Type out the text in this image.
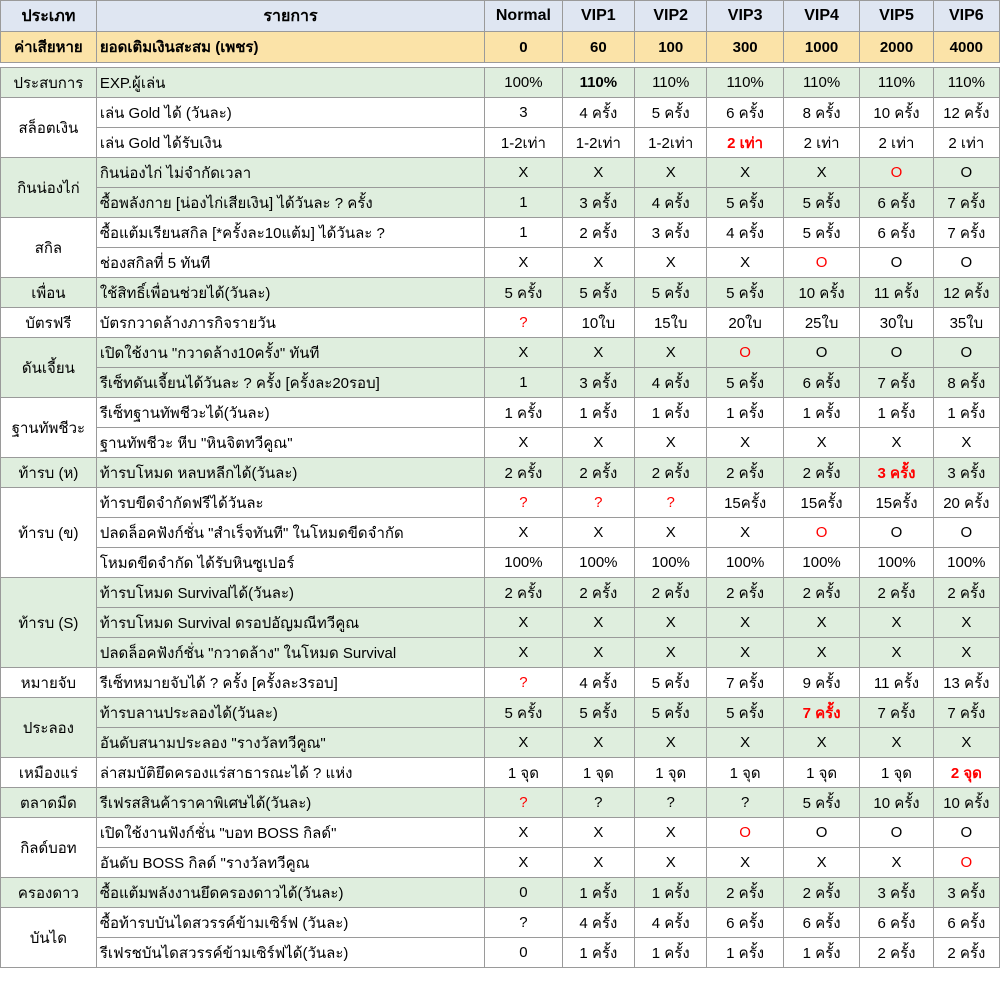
ประเภท	รายการ	Normal	VIP1	VIP2	VIP3	VIP4	VIP5	VIP6
ค่าเสียหาย	ยอดเติมเงินสะสม (เพชร)	0	60	100	300	1000	2000	4000

ประสบการ	EXP.ผู้เล่น	100%	110%	110%	110%	110%	110%	110%
สล็อตเงิน	เล่น Gold ได้ (วันละ)	3	4 ครั้ง	5 ครั้ง	6 ครั้ง	8 ครั้ง	10 ครั้ง	12 ครั้ง
	เล่น Gold ได้รับเงิน	1-2เท่า	1-2เท่า	1-2เท่า	2 เท่า	2 เท่า	2 เท่า	2 เท่า
กินน่องไก่	กินน่องไก่ ไม่จำกัดเวลา	X	X	X	X	X	O	O
	ซื้อพลังกาย [น่องไก่เสียเงิน] ได้วันละ ? ครั้ง	1	3 ครั้ง	4 ครั้ง	5 ครั้ง	5 ครั้ง	6 ครั้ง	7 ครั้ง
สกิล	ซื้อแต้มเรียนสกิล [*ครั้งละ10แต้ม] ได้วันละ ?	1	2 ครั้ง	3 ครั้ง	4 ครั้ง	5 ครั้ง	6 ครั้ง	7 ครั้ง
	ช่องสกิลที่ 5 ทันที	X	X	X	X	O	O	O
เพื่อน	ใช้สิทธิ์เพื่อนช่วยได้(วันละ)	5 ครั้ง	5 ครั้ง	5 ครั้ง	5 ครั้ง	10 ครั้ง	11 ครั้ง	12 ครั้ง
บัตรฟรี	บัตรกวาดล้างภารกิจรายวัน	?	10ใบ	15ใบ	20ใบ	25ใบ	30ใบ	35ใบ
ดันเจี้ยน	เปิดใช้งาน "กวาดล้าง10ครั้ง" ทันที	X	X	X	O	O	O	O
	รีเซ็ทดันเจี้ยนได้วันละ ? ครั้ง [ครั้งละ20รอบ]	1	3 ครั้ง	4 ครั้ง	5 ครั้ง	6 ครั้ง	7 ครั้ง	8 ครั้ง
ฐานทัพชีวะ	รีเซ็ทฐานทัพชีวะได้(วันละ)	1 ครั้ง	1 ครั้ง	1 ครั้ง	1 ครั้ง	1 ครั้ง	1 ครั้ง	1 ครั้ง
	ฐานทัพชีวะ หีบ "หินจิตทวีคูณ"	X	X	X	X	X	X	X
ท้ารบ (ห)	ท้ารบโหมด หลบหลีกได้(วันละ)	2 ครั้ง	2 ครั้ง	2 ครั้ง	2 ครั้ง	2 ครั้ง	3 ครั้ง	3 ครั้ง
ท้ารบ (ข)	ท้ารบขีดจำกัดฟรีได้วันละ	?	?	?	15ครั้ง	15ครั้ง	15ครั้ง	20 ครั้ง
	ปลดล็อคฟังก์ชั่น "สำเร็จทันที" ในโหมดขีดจำกัด	X	X	X	X	O	O	O
	โหมดขีดจำกัด ได้รับหินซูเปอร์	100%	100%	100%	100%	100%	100%	100%
ท้ารบ (S)	ท้ารบโหมด Survivalได้(วันละ)	2 ครั้ง	2 ครั้ง	2 ครั้ง	2 ครั้ง	2 ครั้ง	2 ครั้ง	2 ครั้ง
	ท้ารบโหมด Survival ดรอปอัญมณีทวีคูณ	X	X	X	X	X	X	X
	ปลดล็อคฟังก์ชั่น "กวาดล้าง" ในโหมด Survival	X	X	X	X	X	X	X
หมายจับ	รีเซ็ทหมายจับได้ ? ครั้ง [ครั้งละ3รอบ]	?	4 ครั้ง	5 ครั้ง	7 ครั้ง	9 ครั้ง	11 ครั้ง	13 ครั้ง
ประลอง	ท้ารบลานประลองได้(วันละ)	5 ครั้ง	5 ครั้ง	5 ครั้ง	5 ครั้ง	7 ครั้ง	7 ครั้ง	7 ครั้ง
	อันดับสนามประลอง "รางวัลทวีคูณ"	X	X	X	X	X	X	X
เหมืองแร่	ล่าสมบัติยึดครองแร่สาธารณะได้ ? แห่ง	1 จุด	1 จุด	1 จุด	1 จุด	1 จุด	1 จุด	2 จุด
ตลาดมืด	รีเฟรสสินค้าราคาพิเศษได้(วันละ)	?	?	?	?	5 ครั้ง	10 ครั้ง	10 ครั้ง
กิลด์บอท	เปิดใช้งานฟังก์ชั่น "บอท BOSS กิลด์"	X	X	X	O	O	O	O
	อันดับ BOSS กิลด์ "รางวัลทวีคูณ	X	X	X	X	X	X	O
ครองดาว	ซื้อแต้มพลังงานยึดครองดาวได้(วันละ)	0	1 ครั้ง	1 ครั้ง	2 ครั้ง	2 ครั้ง	3 ครั้ง	3 ครั้ง
บันได	ซื้อท้ารบบันไดสวรรค์ข้ามเซิร์ฟ (วันละ)	?	4 ครั้ง	4 ครั้ง	6 ครั้ง	6 ครั้ง	6 ครั้ง	6 ครั้ง
	รีเฟรชบันไดสวรรค์ข้ามเซิร์ฟได้(วันละ)	0	1 ครั้ง	1 ครั้ง	1 ครั้ง	1 ครั้ง	2 ครั้ง	2 ครั้ง
